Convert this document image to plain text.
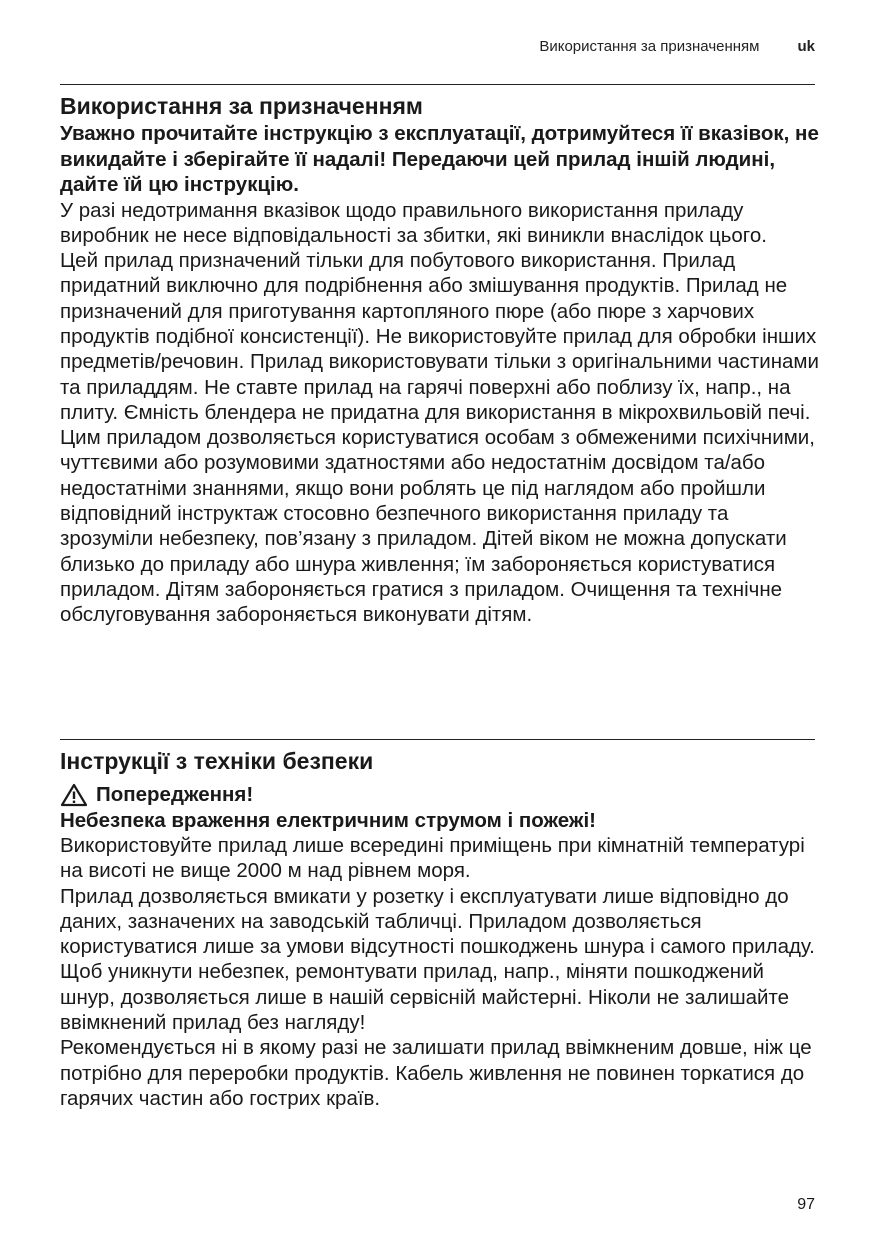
Використання за призначенням	uk
Використання за призначенням

Уважно прочитайте інструкцію з експлуатації, дотримуйтеся її вказівок, не викидайте і зберігайте її надалі! Передаючи цей прилад іншій людині, дайте їй цю інструкцію.

У разі недотримання вказівок щодо правильного використання приладу виробник не несе відповідальності за збитки, які виникли внаслідок цього.

Цей прилад призначений тільки для побутового використання. Прилад придатний виключно для подрібнення або змішування продуктів. Прилад не призначений для приготування картопляного пюре (або пюре з харчових продуктів подібної консистенції). Не використовуйте прилад для обробки інших предметів/речовин. Прилад використовувати тільки з оригінальними частинами та приладдям. Не ставте прилад на гарячі поверхні або поблизу їх, напр., на плиту. Ємність блендера не придатна для використання в мікрохвильовій печі.

Цим приладом дозволяється користуватися особам з обмеженими психічними, чуттєвими або розумовими здатностями або недостатнім досвідом та/або недостатніми знаннями, якщо вони роблять це під наглядом або пройшли відповідний інструктаж стосовно безпечного використання приладу та зрозуміли небезпеку, пов’язану з приладом. Дітей віком не можна допускати близько до приладу або шнура живлення; їм забороняється користуватися приладом. Дітям забороняється гратися з приладом. Очищення та технічне обслуговування забороняється виконувати дітям.

Інструкції з техніки безпеки
Попередження!

Небезпека враження електричним струмом і пожежі!

Використовуйте прилад лише всередині приміщень при кімнатній температурі на висоті не вище 2000 м над рівнем моря.

Прилад дозволяється вмикати у розетку і експлуатувати лише відповідно до даних, зазначених на заводській табличці. Приладом дозволяється користуватися лише за умови відсутності пошкоджень шнура і самого приладу. Щоб уникнути небезпек, ремонтувати прилад, напр., міняти пошкоджений шнур, дозволяється лише в нашій сервісній майстерні. Ніколи не залишайте ввімкнений прилад без нагляду!

Рекомендується ні в якому разі не залишати прилад ввімкненим довше, ніж це потрібно для переробки продуктів. Кабель живлення не повинен торкатися до гарячих частин або гострих країв.

97
